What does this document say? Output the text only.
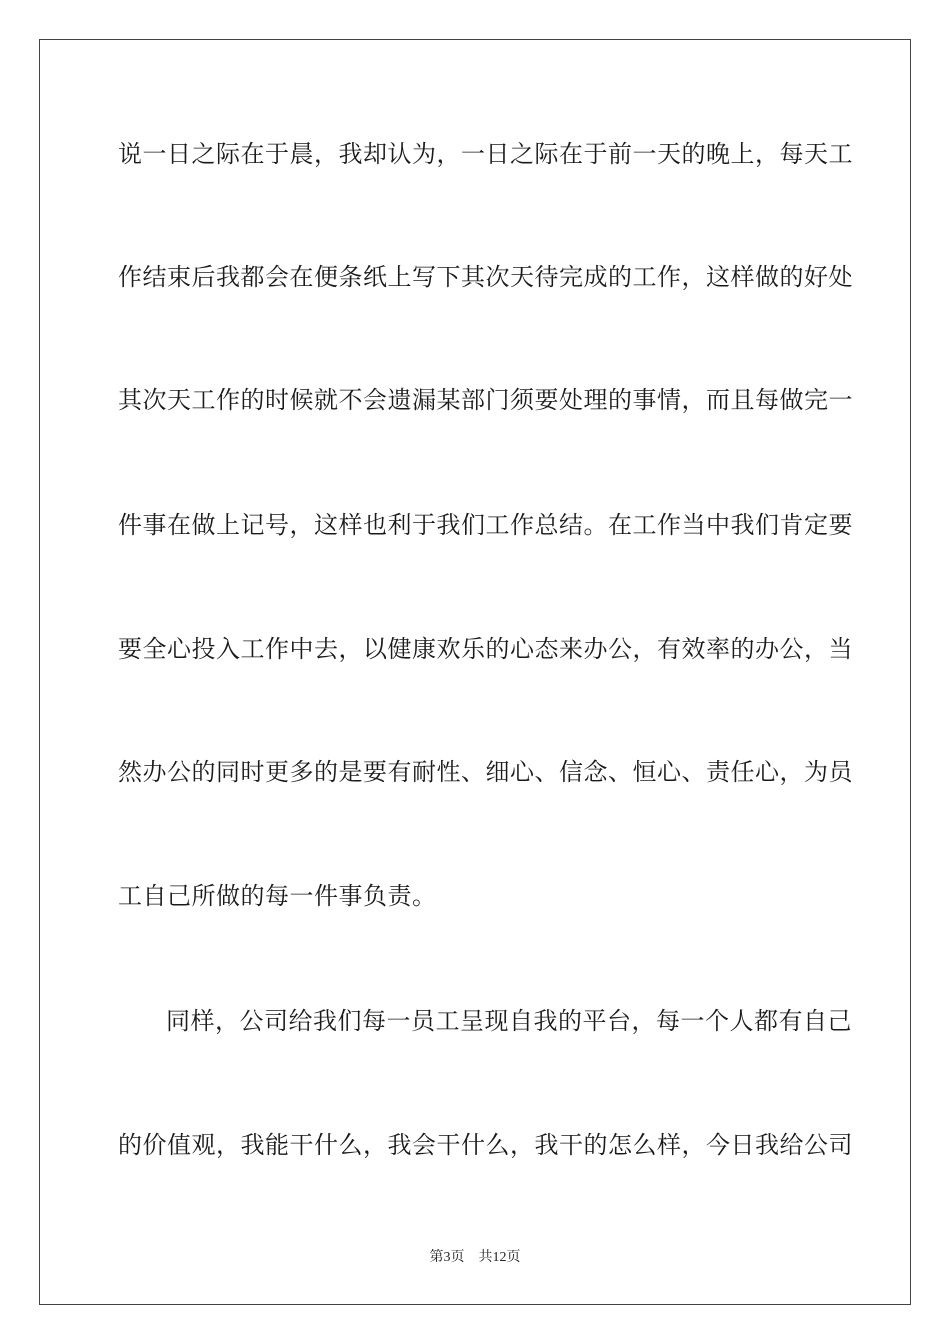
说一日之际在于晨，我却认为，一日之际在于前一天的晚上，每天工
作结束后我都会在便条纸上写下其次天待完成的工作，这样做的好处
其次天工作的时候就不会遗漏某部门须要处理的事情，而且每做完一
件事在做上记号，这样也利于我们工作总结。在工作当中我们肯定要
要全心投入工作中去，以健康欢乐的心态来办公，有效率的办公，当
然办公的同时更多的是要有耐性、细心、信念、恒心、责任心，为员
工自己所做的每一件事负责。
同样，公司给我们每一员工呈现自我的平台，每一个人都有自己
的价值观，我能干什么，我会干什么，我干的怎么样，今日我给公司
第3页 共12页
